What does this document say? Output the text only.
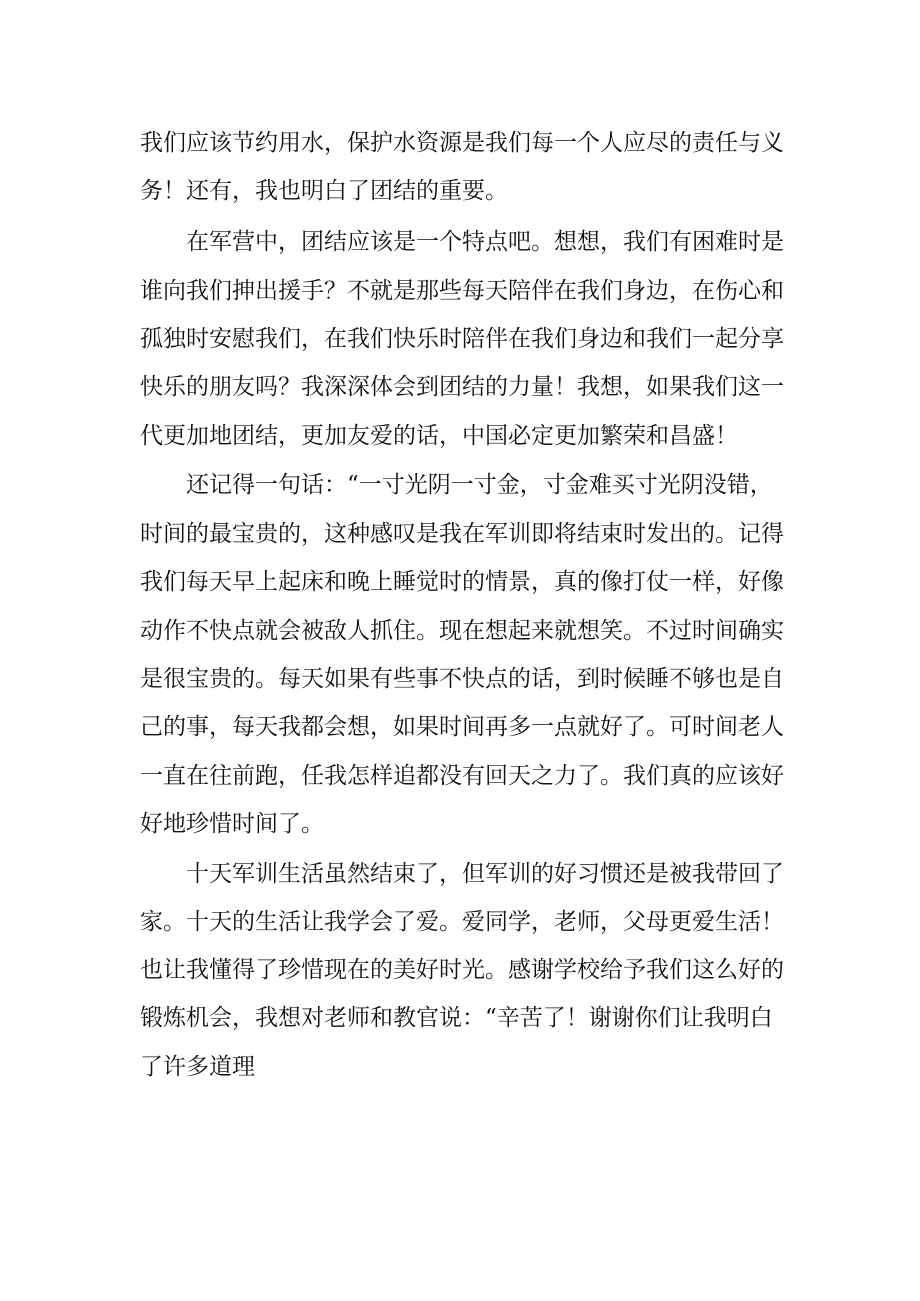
我们应该节约用水，保护水资源是我们每一个人应尽的责任与义
务！还有，我也明白了团结的重要。
在军营中，团结应该是一个特点吧。想想，我们有困难时是
谁向我们抻出援手？不就是那些每天陪伴在我们身边，在伤心和
孤独时安慰我们，在我们快乐时陪伴在我们身边和我们一起分享
快乐的朋友吗？我深深体会到团结的力量！我想，如果我们这一
代更加地团结，更加友爱的话，中国必定更加繁荣和昌盛！
还记得一句话：“一寸光阴一寸金，寸金难买寸光阴没错，
时间的最宝贵的，这种感叹是我在军训即将结束时发出的。记得
我们每天早上起床和晚上睡觉时的情景，真的像打仗一样，好像
动作不快点就会被敌人抓住。现在想起来就想笑。不过时间确实
是很宝贵的。每天如果有些事不快点的话，到时候睡不够也是自
己的事，每天我都会想，如果时间再多一点就好了。可时间老人
一直在往前跑，任我怎样追都没有回天之力了。我们真的应该好
好地珍惜时间了。
十天军训生活虽然结束了，但军训的好习惯还是被我带回了
家。十天的生活让我学会了爱。爱同学，老师，父母更爱生活！
也让我懂得了珍惜现在的美好时光。感谢学校给予我们这么好的
锻炼机会，我想对老师和教官说：“辛苦了！谢谢你们让我明白
了许多道理
